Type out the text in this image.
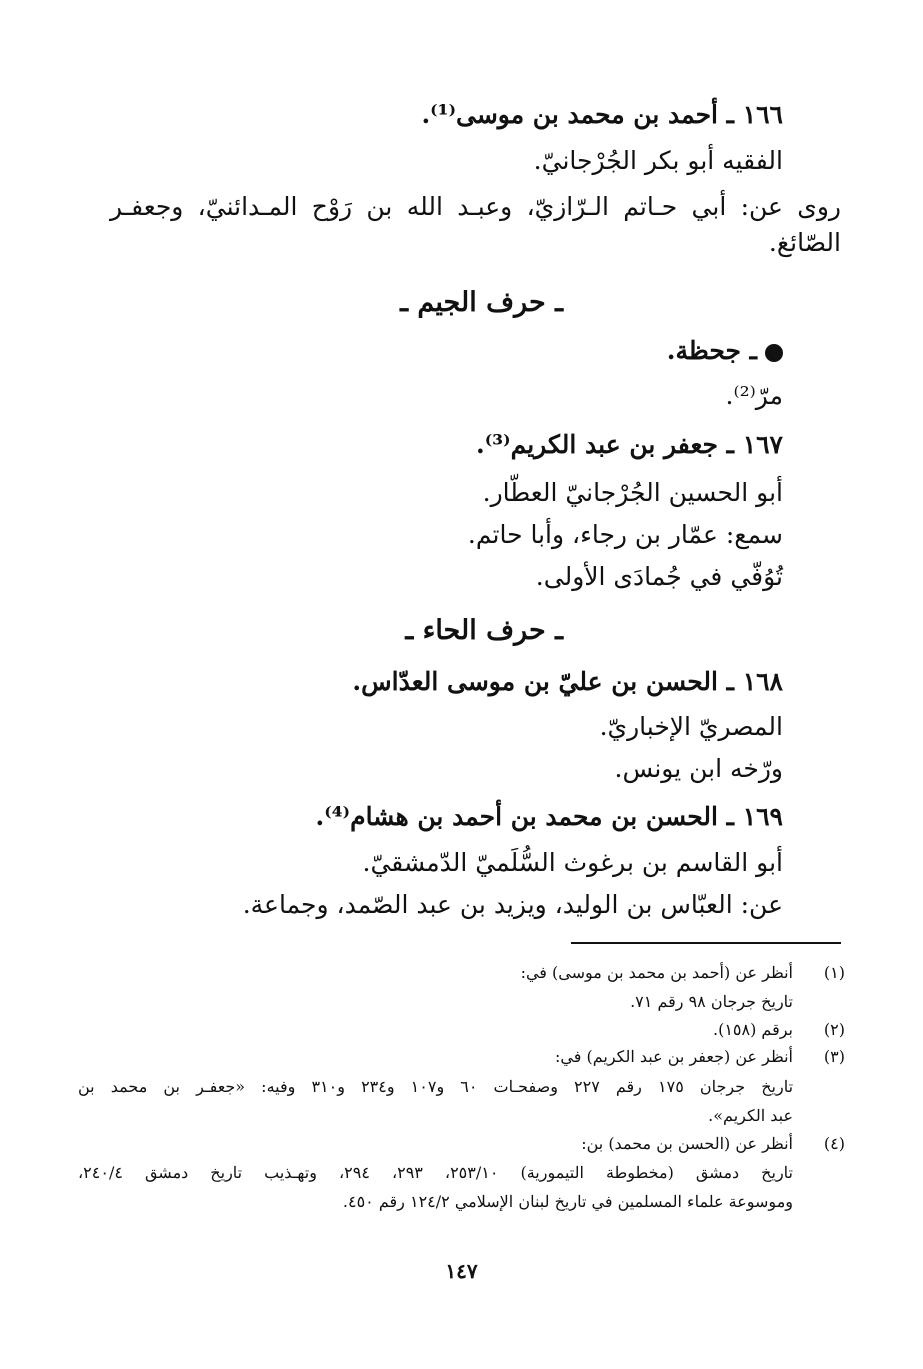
١٦٦ ـ أحمد بن محمد بن موسى⁽¹⁾.
الفقيه أبو بكر الجُرْجانيّ.
روى عن: أبي حـاتم الـرّازيّ، وعبـد الله بن رَوْح المـدائنيّ، وجعفـر
الصّائغ.
ـ حرف الجيم ـ
ـ جحظة.
مرّ⁽²⁾.
١٦٧ ـ جعفر بن عبد الكريم⁽³⁾.
أبو الحسين الجُرْجانيّ العطّار.
سمع: عمّار بن رجاء، وأبا حاتم.
تُوُفّي في جُمادَى الأولى.
ـ حرف الحاء ـ
١٦٨ ـ الحسن بن عليّ بن موسى العدّاس.
المصريّ الإخباريّ.
ورّخه ابن يونس.
١٦٩ ـ الحسن بن محمد بن أحمد بن هشام⁽⁴⁾.
أبو القاسم بن برغوث السُّلَميّ الدّمشقيّ.
عن: العبّاس بن الوليد، ويزيد بن عبد الصّمد، وجماعة.
(١)
أنظر عن (أحمد بن محمد بن موسى) في:
تاريخ جرجان ٩٨ رقم ٧١.
(٢)
برقم (١٥٨).
(٣)
أنظر عن (جعفر بن عبد الكريم) في:
تاريخ جرجان ١٧٥ رقم ٢٢٧ وصفحـات ٦٠ و١٠٧ و٢٣٤ و٣١٠ وفيه: «جعفـر بن محمد بن
عبد الكريم».
(٤)
أنظر عن (الحسن بن محمد) بن:
تاريخ دمشق (مخطوطة التيمورية) ٢٥٣/١٠، ٢٩٣، ٢٩٤، وتهـذيب تاريخ دمشق ٢٤٠/٤،
وموسوعة علماء المسلمين في تاريخ لبنان الإسلامي ١٢٤/٢ رقم ٤٥٠.
١٤٧
